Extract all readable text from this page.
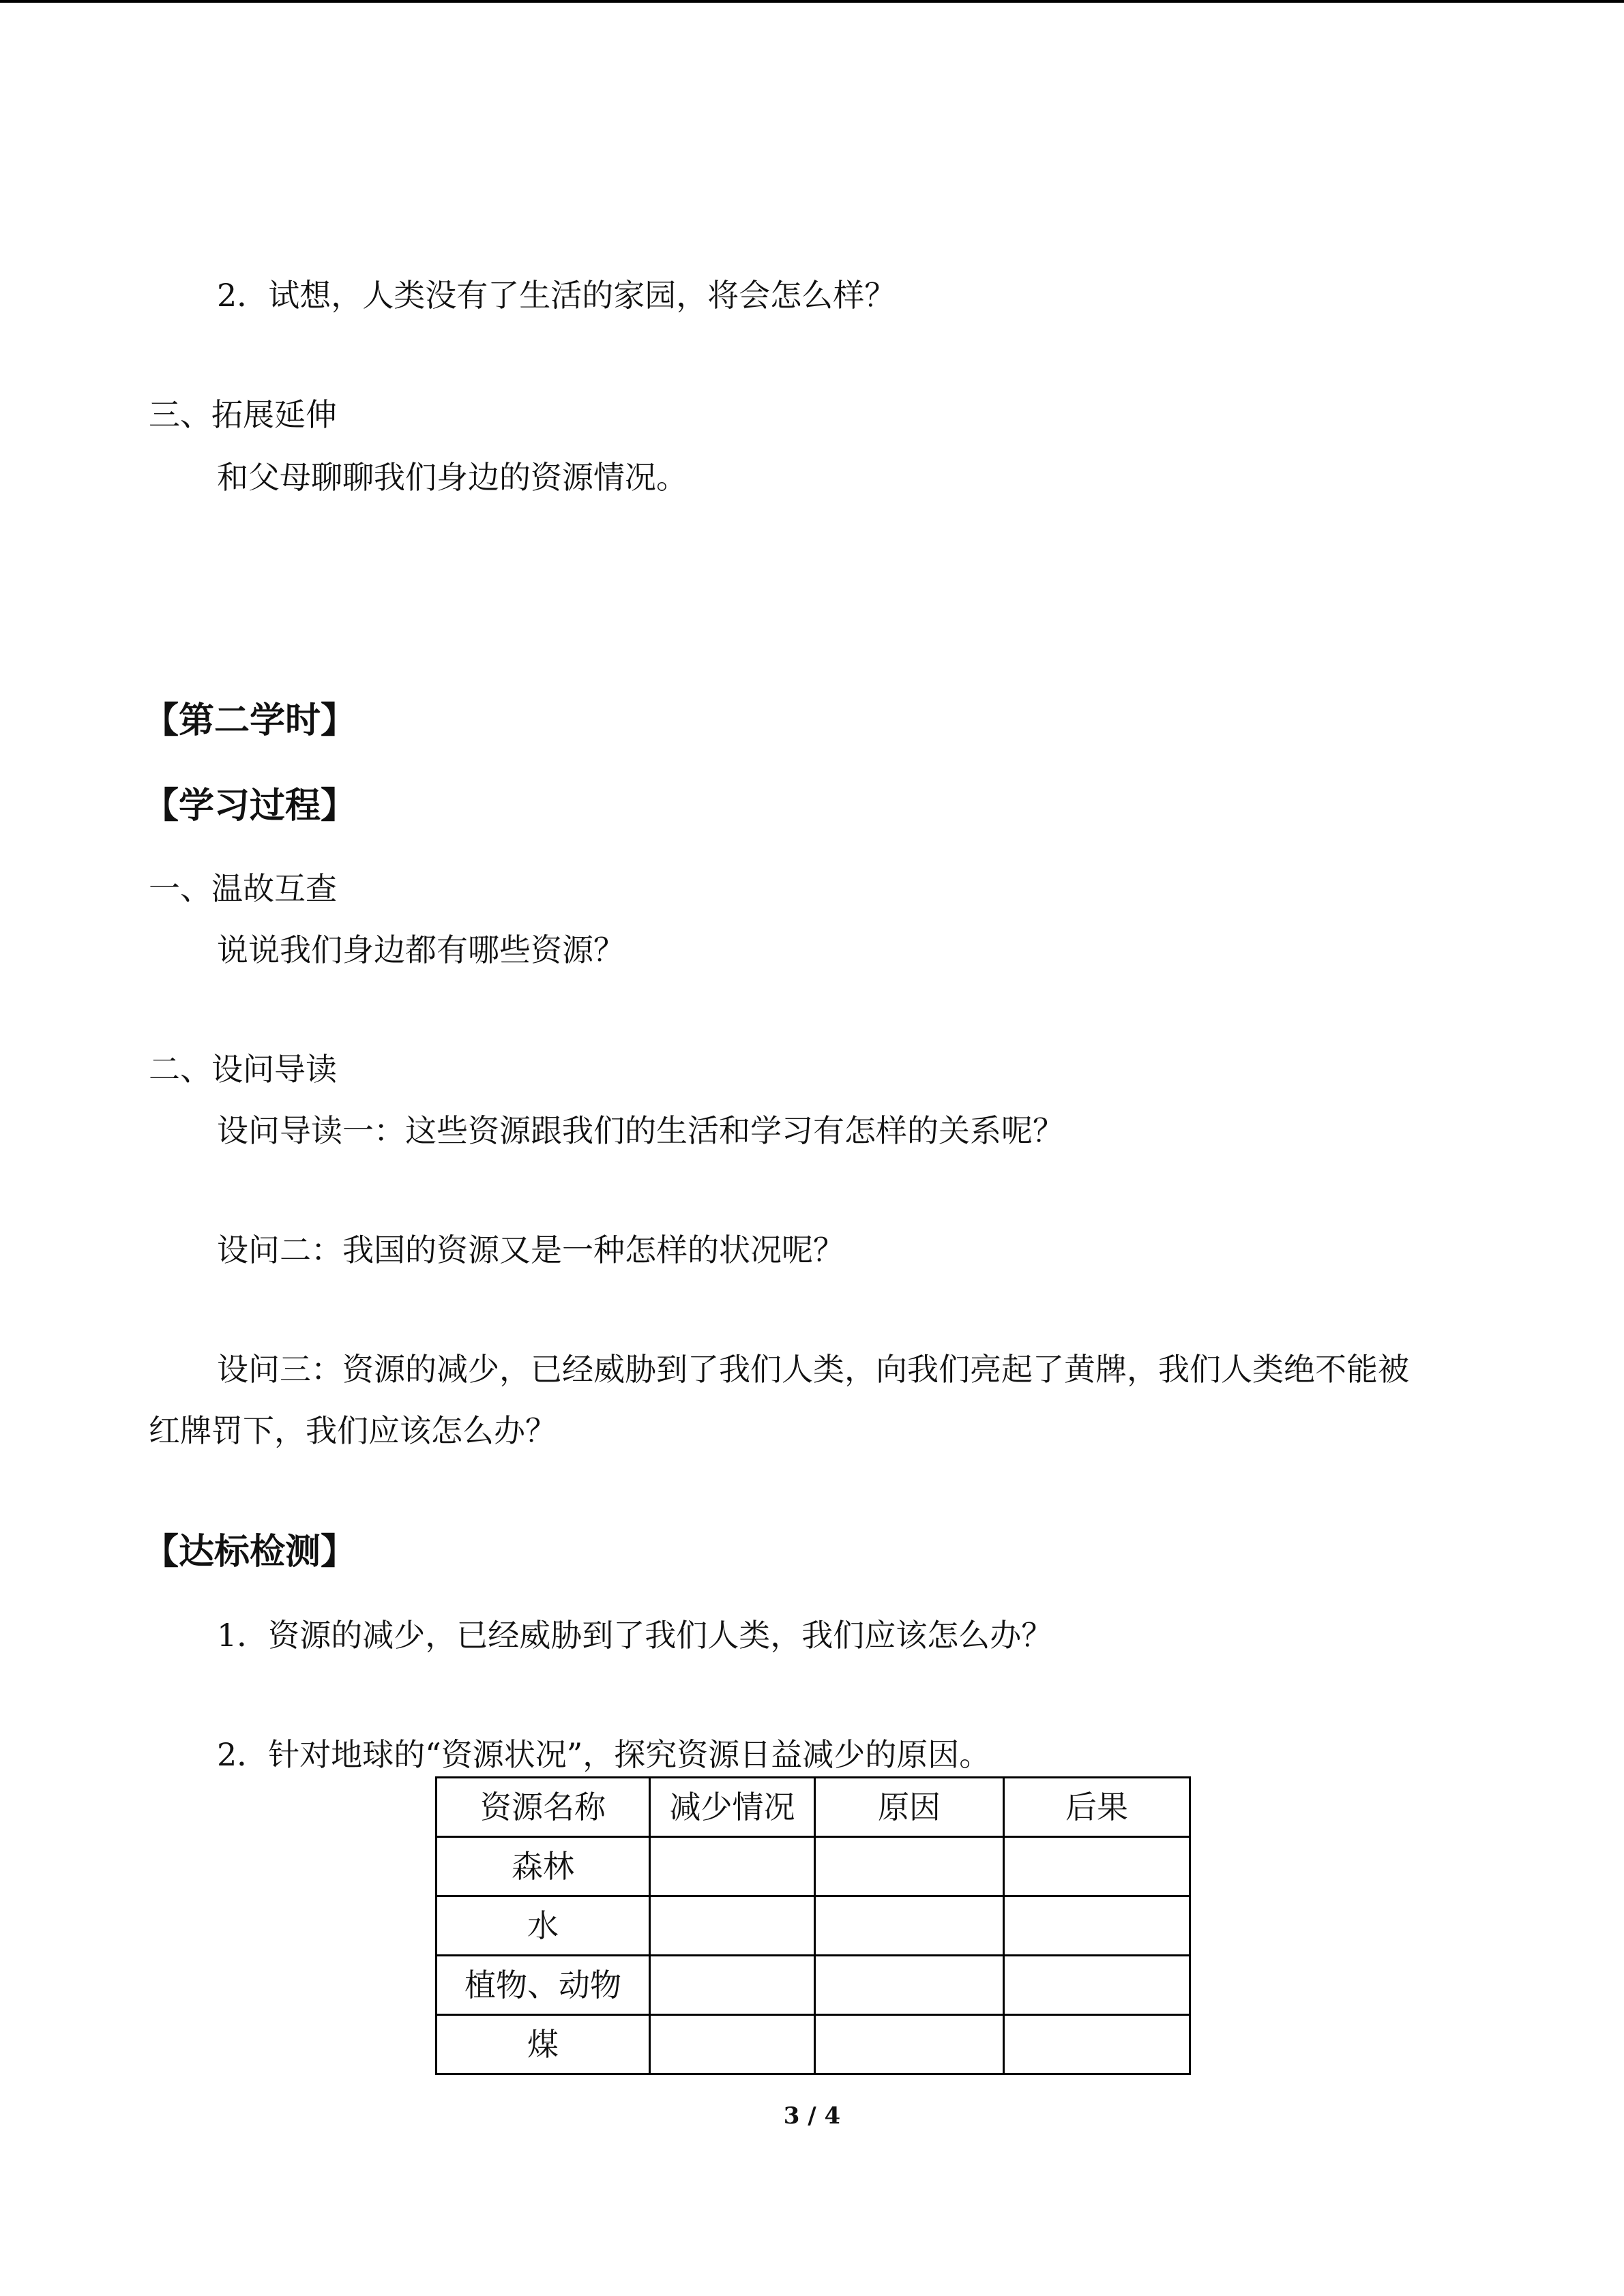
2．试想，人类没有了生活的家园，将会怎么样？
三、拓展延伸
和父母聊聊我们身边的资源情况。
【第二学时】
【学习过程】
一、温故互查
说说我们身边都有哪些资源？
二、设问导读
设问导读一：这些资源跟我们的生活和学习有怎样的关系呢？
设问二：我国的资源又是一种怎样的状况呢？
设问三：资源的减少，已经威胁到了我们人类，向我们亮起了黄牌，我们人类绝不能被
红牌罚下，我们应该怎么办？
【达标检测】
1．资源的减少，已经威胁到了我们人类，我们应该怎么办？
2．针对地球的“资源状况”，探究资源日益减少的原因。
资源名称	减少情况	原因	后果
森林			
水			
植物、动物			
煤			
3 / 4
